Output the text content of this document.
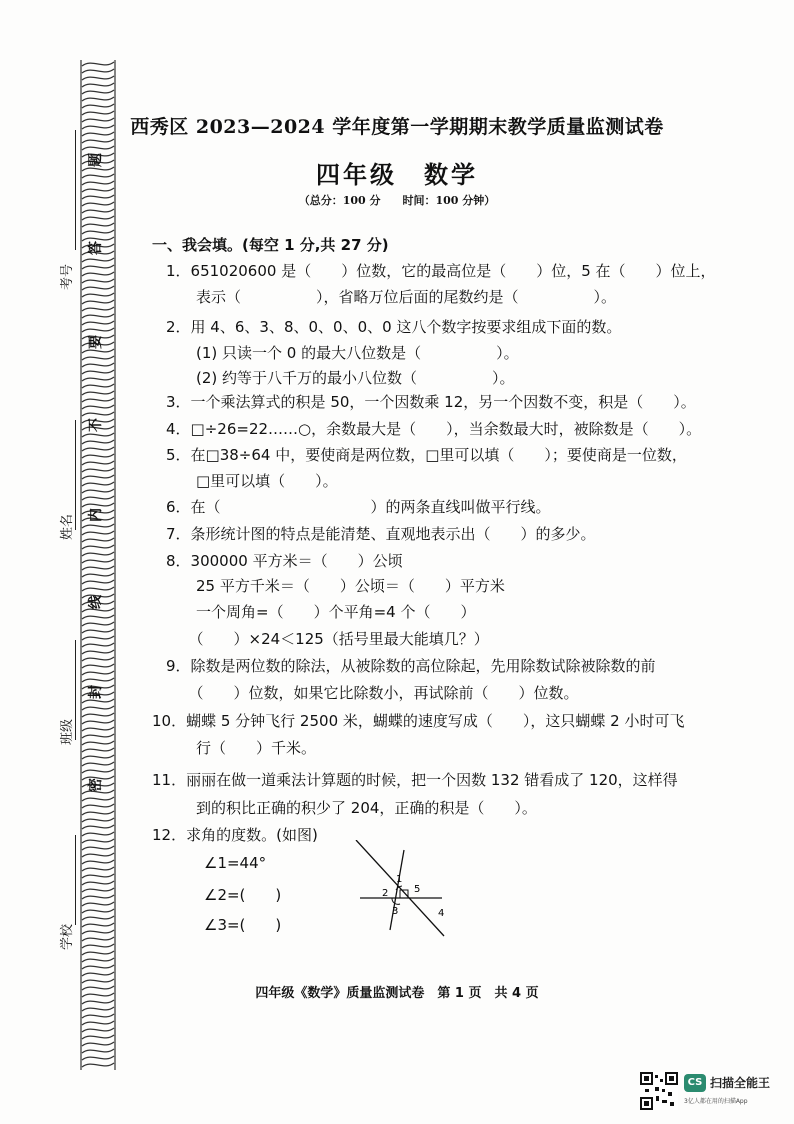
学校
班级
姓名
考号
密
封
线
内
不
要
答
题
西秀区 2023—2024 学年度第一学期期末教学质量监测试卷
四年级　数学
（总分：100 分　　时间：100 分钟）
一、我会填。(每空 1 分,共 27 分)
1．651020600 是（　　）位数，它的最高位是（　　）位，5 在（　　）位上，
　　表示（　　　　　），省略万位后面的尾数约是（　　　　　）。
2．用 4、6、3、8、0、0、0、0 这八个数字按要求组成下面的数。
　　(1) 只读一个 0 的最大八位数是（　　　　　）。
　　(2) 约等于八千万的最小八位数（　　　　　）。
3．一个乘法算式的积是 50，一个因数乘 12，另一个因数不变，积是（　　）。
4．□÷26=22……○，余数最大是（　　），当余数最大时，被除数是（　　）。
5．在□38÷64 中，要使商是两位数，□里可以填（　　）；要使商是一位数，
　　□里可以填（　　）。
6．在（　　　　　　　　　　）的两条直线叫做平行线。
7．条形统计图的特点是能清楚、直观地表示出（　　）的多少。
8．300000 平方米＝（　　）公顷
　　25 平方千米＝（　　）公顷＝（　　）平方米
　　一个周角=（　　）个平角=4 个（　　）
　　（　　）×24＜125（括号里最大能填几？）
9．除数是两位数的除法，从被除数的高位除起，先用除数试除被除数的前
　　（　　）位数，如果它比除数小，再试除前（　　）位数。
10．蝴蝶 5 分钟飞行 2500 米，蝴蝶的速度写成（　　），这只蝴蝶 2 小时可飞
　　行（　　）千米。
11．丽丽在做一道乘法计算题的时候，把一个因数 132 错看成了 120，这样得
　　到的积比正确的积少了 204，正确的积是（　　）。
12．求角的度数。(如图)
∠1=44°
∠2=(　　)
∠3=(　　)
1
2
3	4
5
四年级《数学》质量监测试卷　第 1 页　共 4 页
CS 扫描全能王
3亿人都在用的扫描App
